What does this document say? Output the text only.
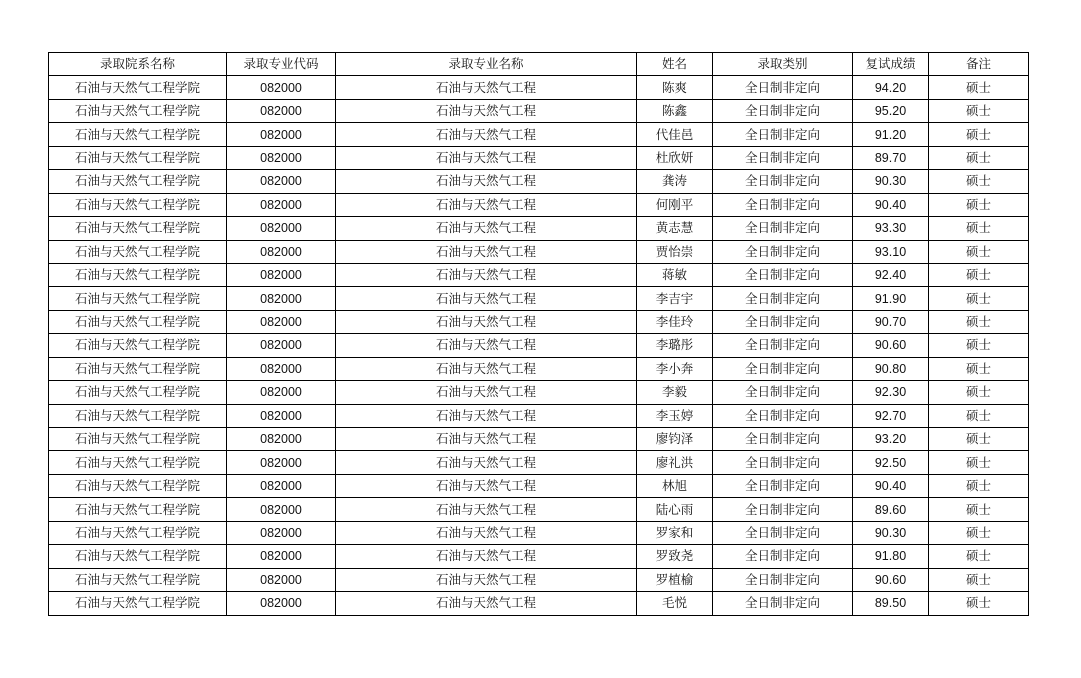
录取院系名称	录取专业代码	录取专业名称	姓名	录取类别	复试成绩	备注
石油与天然气工程学院	082000	石油与天然气工程	陈爽	全日制非定向	94.20	硕士
石油与天然气工程学院	082000	石油与天然气工程	陈鑫	全日制非定向	95.20	硕士
石油与天然气工程学院	082000	石油与天然气工程	代佳邑	全日制非定向	91.20	硕士
石油与天然气工程学院	082000	石油与天然气工程	杜欣妍	全日制非定向	89.70	硕士
石油与天然气工程学院	082000	石油与天然气工程	龚涛	全日制非定向	90.30	硕士
石油与天然气工程学院	082000	石油与天然气工程	何刚平	全日制非定向	90.40	硕士
石油与天然气工程学院	082000	石油与天然气工程	黄志慧	全日制非定向	93.30	硕士
石油与天然气工程学院	082000	石油与天然气工程	贾怡崇	全日制非定向	93.10	硕士
石油与天然气工程学院	082000	石油与天然气工程	蒋敏	全日制非定向	92.40	硕士
石油与天然气工程学院	082000	石油与天然气工程	李吉宇	全日制非定向	91.90	硕士
石油与天然气工程学院	082000	石油与天然气工程	李佳玲	全日制非定向	90.70	硕士
石油与天然气工程学院	082000	石油与天然气工程	李璐彤	全日制非定向	90.60	硕士
石油与天然气工程学院	082000	石油与天然气工程	李小奔	全日制非定向	90.80	硕士
石油与天然气工程学院	082000	石油与天然气工程	李毅	全日制非定向	92.30	硕士
石油与天然气工程学院	082000	石油与天然气工程	李玉婷	全日制非定向	92.70	硕士
石油与天然气工程学院	082000	石油与天然气工程	廖钧泽	全日制非定向	93.20	硕士
石油与天然气工程学院	082000	石油与天然气工程	廖礼洪	全日制非定向	92.50	硕士
石油与天然气工程学院	082000	石油与天然气工程	林旭	全日制非定向	90.40	硕士
石油与天然气工程学院	082000	石油与天然气工程	陆心雨	全日制非定向	89.60	硕士
石油与天然气工程学院	082000	石油与天然气工程	罗家和	全日制非定向	90.30	硕士
石油与天然气工程学院	082000	石油与天然气工程	罗致尧	全日制非定向	91.80	硕士
石油与天然气工程学院	082000	石油与天然气工程	罗植榆	全日制非定向	90.60	硕士
石油与天然气工程学院	082000	石油与天然气工程	毛悦	全日制非定向	89.50	硕士
